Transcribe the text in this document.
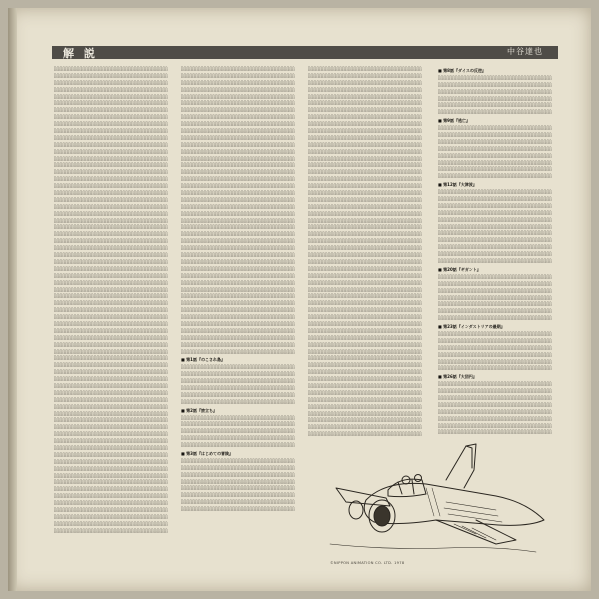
解 説	中谷達也
░░░░░░░░░░░░░░░░░░░░░░░░░░░░░░░░░░░░░
░░░░░░░░░░░░░░░░░░░░░░░░░░░░░░░░░░░░░
░░░░░░░░░░░░░░░░░░░░░░░░░░░░░░░░░░░░░
░░░░░░░░░░░░░░░░░░░░░░░░░░░░░░░░░░░░░
░░░░░░░░░░░░░░░░░░░░░░░░░░░░░░░░░░░░░
░░░░░░░░░░░░░░░░░░░░░░░░░░░░░░░░░░░░░
░░░░░░░░░░░░░░░░░░░░░░░░░░░░░░░░░░░░░
░░░░░░░░░░░░░░░░░░░░░░░░░░░░░░░░░░░░░
░░░░░░░░░░░░░░░░░░░░░░░░░░░░░░░░░░░░░
░░░░░░░░░░░░░░░░░░░░░░░░░░░░░░░░░░░░░
░░░░░░░░░░░░░░░░░░░░░░░░░░░░░░░░░░░░░
░░░░░░░░░░░░░░░░░░░░░░░░░░░░░░░░░░░░░
░░░░░░░░░░░░░░░░░░░░░░░░░░░░░░░░░░░░░
░░░░░░░░░░░░░░░░░░░░░░░░░░░░░░░░░░░░░
░░░░░░░░░░░░░░░░░░░░░░░░░░░░░░░░░░░░░
░░░░░░░░░░░░░░░░░░░░░░░░░░░░░░░░░░░░░
░░░░░░░░░░░░░░░░░░░░░░░░░░░░░░░░░░░░░
░░░░░░░░░░░░░░░░░░░░░░░░░░░░░░░░░░░░░
░░░░░░░░░░░░░░░░░░░░░░░░░░░░░░░░░░░░░
░░░░░░░░░░░░░░░░░░░░░░░░░░░░░░░░░░░░░
░░░░░░░░░░░░░░░░░░░░░░░░░░░░░░░░░░░░░
░░░░░░░░░░░░░░░░░░░░░░░░░░░░░░░░░░░░░
░░░░░░░░░░░░░░░░░░░░░░░░░░░░░░░░░░░░░
░░░░░░░░░░░░░░░░░░░░░░░░░░░░░░░░░░░░░
░░░░░░░░░░░░░░░░░░░░░░░░░░░░░░░░░░░░░
░░░░░░░░░░░░░░░░░░░░░░░░░░░░░░░░░░░░░
░░░░░░░░░░░░░░░░░░░░░░░░░░░░░░░░░░░░░
░░░░░░░░░░░░░░░░░░░░░░░░░░░░░░░░░░░░░
░░░░░░░░░░░░░░░░░░░░░░░░░░░░░░░░░░░░░
░░░░░░░░░░░░░░░░░░░░░░░░░░░░░░░░░░░░░
░░░░░░░░░░░░░░░░░░░░░░░░░░░░░░░░░░░░░
░░░░░░░░░░░░░░░░░░░░░░░░░░░░░░░░░░░░░
░░░░░░░░░░░░░░░░░░░░░░░░░░░░░░░░░░░░░
░░░░░░░░░░░░░░░░░░░░░░░░░░░░░░░░░░░░░
░░░░░░░░░░░░░░░░░░░░░░░░░░░░░░░░░░░░░
░░░░░░░░░░░░░░░░░░░░░░░░░░░░░░░░░░░░░
░░░░░░░░░░░░░░░░░░░░░░░░░░░░░░░░░░░░░
░░░░░░░░░░░░░░░░░░░░░░░░░░░░░░░░░░░░░
░░░░░░░░░░░░░░░░░░░░░░░░░░░░░░░░░░░░░
░░░░░░░░░░░░░░░░░░░░░░░░░░░░░░░░░░░░░
░░░░░░░░░░░░░░░░░░░░░░░░░░░░░░░░░░░░░
░░░░░░░░░░░░░░░░░░░░░░░░░░░░░░░░░░░░░
░░░░░░░░░░░░░░░░░░░░░░░░░░░░░░░░░░░░░
░░░░░░░░░░░░░░░░░░░░░░░░░░░░░░░░░░░░░
░░░░░░░░░░░░░░░░░░░░░░░░░░░░░░░░░░░░░
░░░░░░░░░░░░░░░░░░░░░░░░░░░░░░░░░░░░░
░░░░░░░░░░░░░░░░░░░░░░░░░░░░░░░░░░░░░
░░░░░░░░░░░░░░░░░░░░░░░░░░░░░░░░░░░░░
░░░░░░░░░░░░░░░░░░░░░░░░░░░░░░░░░░░░░
░░░░░░░░░░░░░░░░░░░░░░░░░░░░░░░░░░░░░
░░░░░░░░░░░░░░░░░░░░░░░░░░░░░░░░░░░░░
░░░░░░░░░░░░░░░░░░░░░░░░░░░░░░░░░░░░░
░░░░░░░░░░░░░░░░░░░░░░░░░░░░░░░░░░░░░
░░░░░░░░░░░░░░░░░░░░░░░░░░░░░░░░░░░░░
░░░░░░░░░░░░░░░░░░░░░░░░░░░░░░░░░░░░░
░░░░░░░░░░░░░░░░░░░░░░░░░░░░░░░░░░░░░
░░░░░░░░░░░░░░░░░░░░░░░░░░░░░░░░░░░░░
░░░░░░░░░░░░░░░░░░░░░░░░░░░░░░░░░░░░░
░░░░░░░░░░░░░░░░░░░░░░░░░░░░░░░░░░░░░
░░░░░░░░░░░░░░░░░░░░░░░░░░░░░░░░░░░░░
░░░░░░░░░░░░░░░░░░░░░░░░░░░░░░░░░░░░░
░░░░░░░░░░░░░░░░░░░░░░░░░░░░░░░░░░░░░
░░░░░░░░░░░░░░░░░░░░░░░░░░░░░░░░░░░░░
░░░░░░░░░░░░░░░░░░░░░░░░░░░░░░░░░░░░░
░░░░░░░░░░░░░░░░░░░░░░░░░░░░░░░░░░░░░
░░░░░░░░░░░░░░░░░░░░░░░░░░░░░░░░░░░░░
░░░░░░░░░░░░░░░░░░░░░░░░░░░░░░░░░░░░░
░░░░░░░░░░░░░░░░░░░░░░░░░░░░░░░░░░░░░
░░░░░░░░░░░░░░░░░░░░░░░░░░░░░░░░░░░░░
░░░░░░░░░░░░░░░░░░░░░░░░░░░░░░░░░░░░░
░░░░░░░░░░░░░░░░░░░░░░░░░░░░░░░░░░░░░
░░░░░░░░░░░░░░░░░░░░░░░░░░░░░░░░░░░░░
░░░░░░░░░░░░░░░░░░░░░░░░░░░░░░░░░░░░░
░░░░░░░░░░░░░░░░░░░░░░░░░░░░░░░░░░░░░
░░░░░░░░░░░░░░░░░░░░░░░░░░░░░░░░░░░░░
░░░░░░░░░░░░░░░░░░░░░░░░░░░░░░░░░░░░░
░░░░░░░░░░░░░░░░░░░░░░░░░░░░░░░░░░░░░
░░░░░░░░░░░░░░░░░░░░░░░░░░░░░░░░░░░░░
░░░░░░░░░░░░░░░░░░░░░░░░░░░░░░░░░░░░░
░░░░░░░░░░░░░░░░░░░░░░░░░░░░░░░░░░░░░
░░░░░░░░░░░░░░░░░░░░░░░░░░░░░░░░░░░░░
░░░░░░░░░░░░░░░░░░░░░░░░░░░░░░░░░░░░░
░░░░░░░░░░░░░░░░░░░░░░░░░░░░░░░░░░░░░
░░░░░░░░░░░░░░░░░░░░░░░░░░░░░░░░░░░░░
░░░░░░░░░░░░░░░░░░░░░░░░░░░░░░░░░░░░░
░░░░░░░░░░░░░░░░░░░░░░░░░░░░░░░░░░░░░
░░░░░░░░░░░░░░░░░░░░░░░░░░░░░░░░░░░░░
░░░░░░░░░░░░░░░░░░░░░░░░░░░░░░░░░░░░░
░░░░░░░░░░░░░░░░░░░░░░░░░░░░░░░░░░░░░
░░░░░░░░░░░░░░░░░░░░░░░░░░░░░░░░░░░░░
░░░░░░░░░░░░░░░░░░░░░░░░░░░░░░░░░░░░░
░░░░░░░░░░░░░░░░░░░░░░░░░░░░░░░░░░░░░
░░░░░░░░░░░░░░░░░░░░░░░░░░░░░░░░░░░░░
░░░░░░░░░░░░░░░░░░░░░░░░░░░░░░░░░░░░░
░░░░░░░░░░░░░░░░░░░░░░░░░░░░░░░░░░░░░
░░░░░░░░░░░░░░░░░░░░░░░░░░░░░░░░░░░░░
░░░░░░░░░░░░░░░░░░░░░░░░░░░░░░░░░░░░░
░░░░░░░░░░░░░░░░░░░░░░░░░░░░░░░░░░░░░
░░░░░░░░░░░░░░░░░░░░░░░░░░░░░░░░░░░░░
░░░░░░░░░░░░░░░░░░░░░░░░░░░░░░░░░░░░░
░░░░░░░░░░░░░░░░░░░░░░░░░░░░░░░░░░░░░
░░░░░░░░░░░░░░░░░░░░░░░░░░░░░░░░░░░░░
░░░░░░░░░░░░░░░░░░░░░░░░░░░░░░░░░░░░░
░░░░░░░░░░░░░░░░░░░░░░░░░░░░░░░░░░░░░
░░░░░░░░░░░░░░░░░░░░░░░░░░░░░░░░░░░░░
░░░░░░░░░░░░░░░░░░░░░░░░░░░░░░░░░░░░░
░░░░░░░░░░░░░░░░░░░░░░░░░░░░░░░░░░░░░
░░░░░░░░░░░░░░░░░░░░░░░░░░░░░░░░░░░░░
░░░░░░░░░░░░░░░░░░░░░░░░░░░░░░░░░░░░░
░░░░░░░░░░░░░░░░░░░░░░░░░░░░░░░░░░░░░
■ 第1話『のこされ島』
░░░░░░░░░░░░░░░░░░░░░░░░░░░░░░░░░░░░░
░░░░░░░░░░░░░░░░░░░░░░░░░░░░░░░░░░░░░
░░░░░░░░░░░░░░░░░░░░░░░░░░░░░░░░░░░░░
░░░░░░░░░░░░░░░░░░░░░░░░░░░░░░░░░░░░░
░░░░░░░░░░░░░░░░░░░░░░░░░░░░░░░░░░░░░
░░░░░░░░░░░░░░░░░░░░░░░░░░░░░░░░░░░░░
■ 第2話『旅立ち』
░░░░░░░░░░░░░░░░░░░░░░░░░░░░░░░░░░░░░
░░░░░░░░░░░░░░░░░░░░░░░░░░░░░░░░░░░░░
░░░░░░░░░░░░░░░░░░░░░░░░░░░░░░░░░░░░░
░░░░░░░░░░░░░░░░░░░░░░░░░░░░░░░░░░░░░
░░░░░░░░░░░░░░░░░░░░░░░░░░░░░░░░░░░░░
■ 第3話『はじめての冒険』
░░░░░░░░░░░░░░░░░░░░░░░░░░░░░░░░░░░░░
░░░░░░░░░░░░░░░░░░░░░░░░░░░░░░░░░░░░░
░░░░░░░░░░░░░░░░░░░░░░░░░░░░░░░░░░░░░
░░░░░░░░░░░░░░░░░░░░░░░░░░░░░░░░░░░░░
░░░░░░░░░░░░░░░░░░░░░░░░░░░░░░░░░░░░░
░░░░░░░░░░░░░░░░░░░░░░░░░░░░░░░░░░░░░
░░░░░░░░░░░░░░░░░░░░░░░░░░░░░░░░░░░░░
░░░░░░░░░░░░░░░░░░░░░░░░░░░░░░░░░░░░░
░░░░░░░░░░░░░░░░░░░░░░░░░░░░░░░░░░░░░
░░░░░░░░░░░░░░░░░░░░░░░░░░░░░░░░░░░░░
░░░░░░░░░░░░░░░░░░░░░░░░░░░░░░░░░░░░░
░░░░░░░░░░░░░░░░░░░░░░░░░░░░░░░░░░░░░
░░░░░░░░░░░░░░░░░░░░░░░░░░░░░░░░░░░░░
░░░░░░░░░░░░░░░░░░░░░░░░░░░░░░░░░░░░░
░░░░░░░░░░░░░░░░░░░░░░░░░░░░░░░░░░░░░
░░░░░░░░░░░░░░░░░░░░░░░░░░░░░░░░░░░░░
░░░░░░░░░░░░░░░░░░░░░░░░░░░░░░░░░░░░░
░░░░░░░░░░░░░░░░░░░░░░░░░░░░░░░░░░░░░
░░░░░░░░░░░░░░░░░░░░░░░░░░░░░░░░░░░░░
░░░░░░░░░░░░░░░░░░░░░░░░░░░░░░░░░░░░░
░░░░░░░░░░░░░░░░░░░░░░░░░░░░░░░░░░░░░
░░░░░░░░░░░░░░░░░░░░░░░░░░░░░░░░░░░░░
░░░░░░░░░░░░░░░░░░░░░░░░░░░░░░░░░░░░░
░░░░░░░░░░░░░░░░░░░░░░░░░░░░░░░░░░░░░
░░░░░░░░░░░░░░░░░░░░░░░░░░░░░░░░░░░░░
░░░░░░░░░░░░░░░░░░░░░░░░░░░░░░░░░░░░░
░░░░░░░░░░░░░░░░░░░░░░░░░░░░░░░░░░░░░
░░░░░░░░░░░░░░░░░░░░░░░░░░░░░░░░░░░░░
░░░░░░░░░░░░░░░░░░░░░░░░░░░░░░░░░░░░░
░░░░░░░░░░░░░░░░░░░░░░░░░░░░░░░░░░░░░
░░░░░░░░░░░░░░░░░░░░░░░░░░░░░░░░░░░░░
░░░░░░░░░░░░░░░░░░░░░░░░░░░░░░░░░░░░░
░░░░░░░░░░░░░░░░░░░░░░░░░░░░░░░░░░░░░
░░░░░░░░░░░░░░░░░░░░░░░░░░░░░░░░░░░░░
░░░░░░░░░░░░░░░░░░░░░░░░░░░░░░░░░░░░░
░░░░░░░░░░░░░░░░░░░░░░░░░░░░░░░░░░░░░
░░░░░░░░░░░░░░░░░░░░░░░░░░░░░░░░░░░░░
░░░░░░░░░░░░░░░░░░░░░░░░░░░░░░░░░░░░░
░░░░░░░░░░░░░░░░░░░░░░░░░░░░░░░░░░░░░
░░░░░░░░░░░░░░░░░░░░░░░░░░░░░░░░░░░░░
░░░░░░░░░░░░░░░░░░░░░░░░░░░░░░░░░░░░░
░░░░░░░░░░░░░░░░░░░░░░░░░░░░░░░░░░░░░
░░░░░░░░░░░░░░░░░░░░░░░░░░░░░░░░░░░░░
░░░░░░░░░░░░░░░░░░░░░░░░░░░░░░░░░░░░░
░░░░░░░░░░░░░░░░░░░░░░░░░░░░░░░░░░░░░
░░░░░░░░░░░░░░░░░░░░░░░░░░░░░░░░░░░░░
░░░░░░░░░░░░░░░░░░░░░░░░░░░░░░░░░░░░░
░░░░░░░░░░░░░░░░░░░░░░░░░░░░░░░░░░░░░
░░░░░░░░░░░░░░░░░░░░░░░░░░░░░░░░░░░░░
░░░░░░░░░░░░░░░░░░░░░░░░░░░░░░░░░░░░░
░░░░░░░░░░░░░░░░░░░░░░░░░░░░░░░░░░░░░
░░░░░░░░░░░░░░░░░░░░░░░░░░░░░░░░░░░░░
░░░░░░░░░░░░░░░░░░░░░░░░░░░░░░░░░░░░░
░░░░░░░░░░░░░░░░░░░░░░░░░░░░░░░░░░░░░
░░░░░░░░░░░░░░░░░░░░░░░░░░░░░░░░░░░░░
░░░░░░░░░░░░░░░░░░░░░░░░░░░░░░░░░░░░░
░░░░░░░░░░░░░░░░░░░░░░░░░░░░░░░░░░░░░
░░░░░░░░░░░░░░░░░░░░░░░░░░░░░░░░░░░░░
░░░░░░░░░░░░░░░░░░░░░░░░░░░░░░░░░░░░░
░░░░░░░░░░░░░░░░░░░░░░░░░░░░░░░░░░░░░
░░░░░░░░░░░░░░░░░░░░░░░░░░░░░░░░░░░░░
░░░░░░░░░░░░░░░░░░░░░░░░░░░░░░░░░░░░░
■ 第8話『ダイスの反逆』
░░░░░░░░░░░░░░░░░░░░░░░░░░░░░░░░░░░░░
░░░░░░░░░░░░░░░░░░░░░░░░░░░░░░░░░░░░░
░░░░░░░░░░░░░░░░░░░░░░░░░░░░░░░░░░░░░
░░░░░░░░░░░░░░░░░░░░░░░░░░░░░░░░░░░░░
░░░░░░░░░░░░░░░░░░░░░░░░░░░░░░░░░░░░░
░░░░░░░░░░░░░░░░░░░░░░░░░░░░░░░░░░░░░
■ 第9話『逃亡』
░░░░░░░░░░░░░░░░░░░░░░░░░░░░░░░░░░░░░
░░░░░░░░░░░░░░░░░░░░░░░░░░░░░░░░░░░░░
░░░░░░░░░░░░░░░░░░░░░░░░░░░░░░░░░░░░░
░░░░░░░░░░░░░░░░░░░░░░░░░░░░░░░░░░░░░
░░░░░░░░░░░░░░░░░░░░░░░░░░░░░░░░░░░░░
░░░░░░░░░░░░░░░░░░░░░░░░░░░░░░░░░░░░░
░░░░░░░░░░░░░░░░░░░░░░░░░░░░░░░░░░░░░
░░░░░░░░░░░░░░░░░░░░░░░░░░░░░░░░░░░░░
■ 第12話『大津波』
░░░░░░░░░░░░░░░░░░░░░░░░░░░░░░░░░░░░░
░░░░░░░░░░░░░░░░░░░░░░░░░░░░░░░░░░░░░
░░░░░░░░░░░░░░░░░░░░░░░░░░░░░░░░░░░░░
░░░░░░░░░░░░░░░░░░░░░░░░░░░░░░░░░░░░░
░░░░░░░░░░░░░░░░░░░░░░░░░░░░░░░░░░░░░
░░░░░░░░░░░░░░░░░░░░░░░░░░░░░░░░░░░░░
░░░░░░░░░░░░░░░░░░░░░░░░░░░░░░░░░░░░░
░░░░░░░░░░░░░░░░░░░░░░░░░░░░░░░░░░░░░
░░░░░░░░░░░░░░░░░░░░░░░░░░░░░░░░░░░░░
░░░░░░░░░░░░░░░░░░░░░░░░░░░░░░░░░░░░░
░░░░░░░░░░░░░░░░░░░░░░░░░░░░░░░░░░░░░
■ 第20話『ギガント』
░░░░░░░░░░░░░░░░░░░░░░░░░░░░░░░░░░░░░
░░░░░░░░░░░░░░░░░░░░░░░░░░░░░░░░░░░░░
░░░░░░░░░░░░░░░░░░░░░░░░░░░░░░░░░░░░░
░░░░░░░░░░░░░░░░░░░░░░░░░░░░░░░░░░░░░
░░░░░░░░░░░░░░░░░░░░░░░░░░░░░░░░░░░░░
░░░░░░░░░░░░░░░░░░░░░░░░░░░░░░░░░░░░░
░░░░░░░░░░░░░░░░░░░░░░░░░░░░░░░░░░░░░
■ 第23話『インダストリアの最期』
░░░░░░░░░░░░░░░░░░░░░░░░░░░░░░░░░░░░░
░░░░░░░░░░░░░░░░░░░░░░░░░░░░░░░░░░░░░
░░░░░░░░░░░░░░░░░░░░░░░░░░░░░░░░░░░░░
░░░░░░░░░░░░░░░░░░░░░░░░░░░░░░░░░░░░░
░░░░░░░░░░░░░░░░░░░░░░░░░░░░░░░░░░░░░
░░░░░░░░░░░░░░░░░░░░░░░░░░░░░░░░░░░░░
■ 第26話『大団円』
░░░░░░░░░░░░░░░░░░░░░░░░░░░░░░░░░░░░░
░░░░░░░░░░░░░░░░░░░░░░░░░░░░░░░░░░░░░
░░░░░░░░░░░░░░░░░░░░░░░░░░░░░░░░░░░░░
░░░░░░░░░░░░░░░░░░░░░░░░░░░░░░░░░░░░░
░░░░░░░░░░░░░░░░░░░░░░░░░░░░░░░░░░░░░
░░░░░░░░░░░░░░░░░░░░░░░░░░░░░░░░░░░░░
░░░░░░░░░░░░░░░░░░░░░░░░░░░░░░░░░░░░░
░░░░░░░░░░░░░░░░░░░░░░░░░░░░░░░░░░░░░
©NIPPON ANIMATION CO. LTD. 1978
